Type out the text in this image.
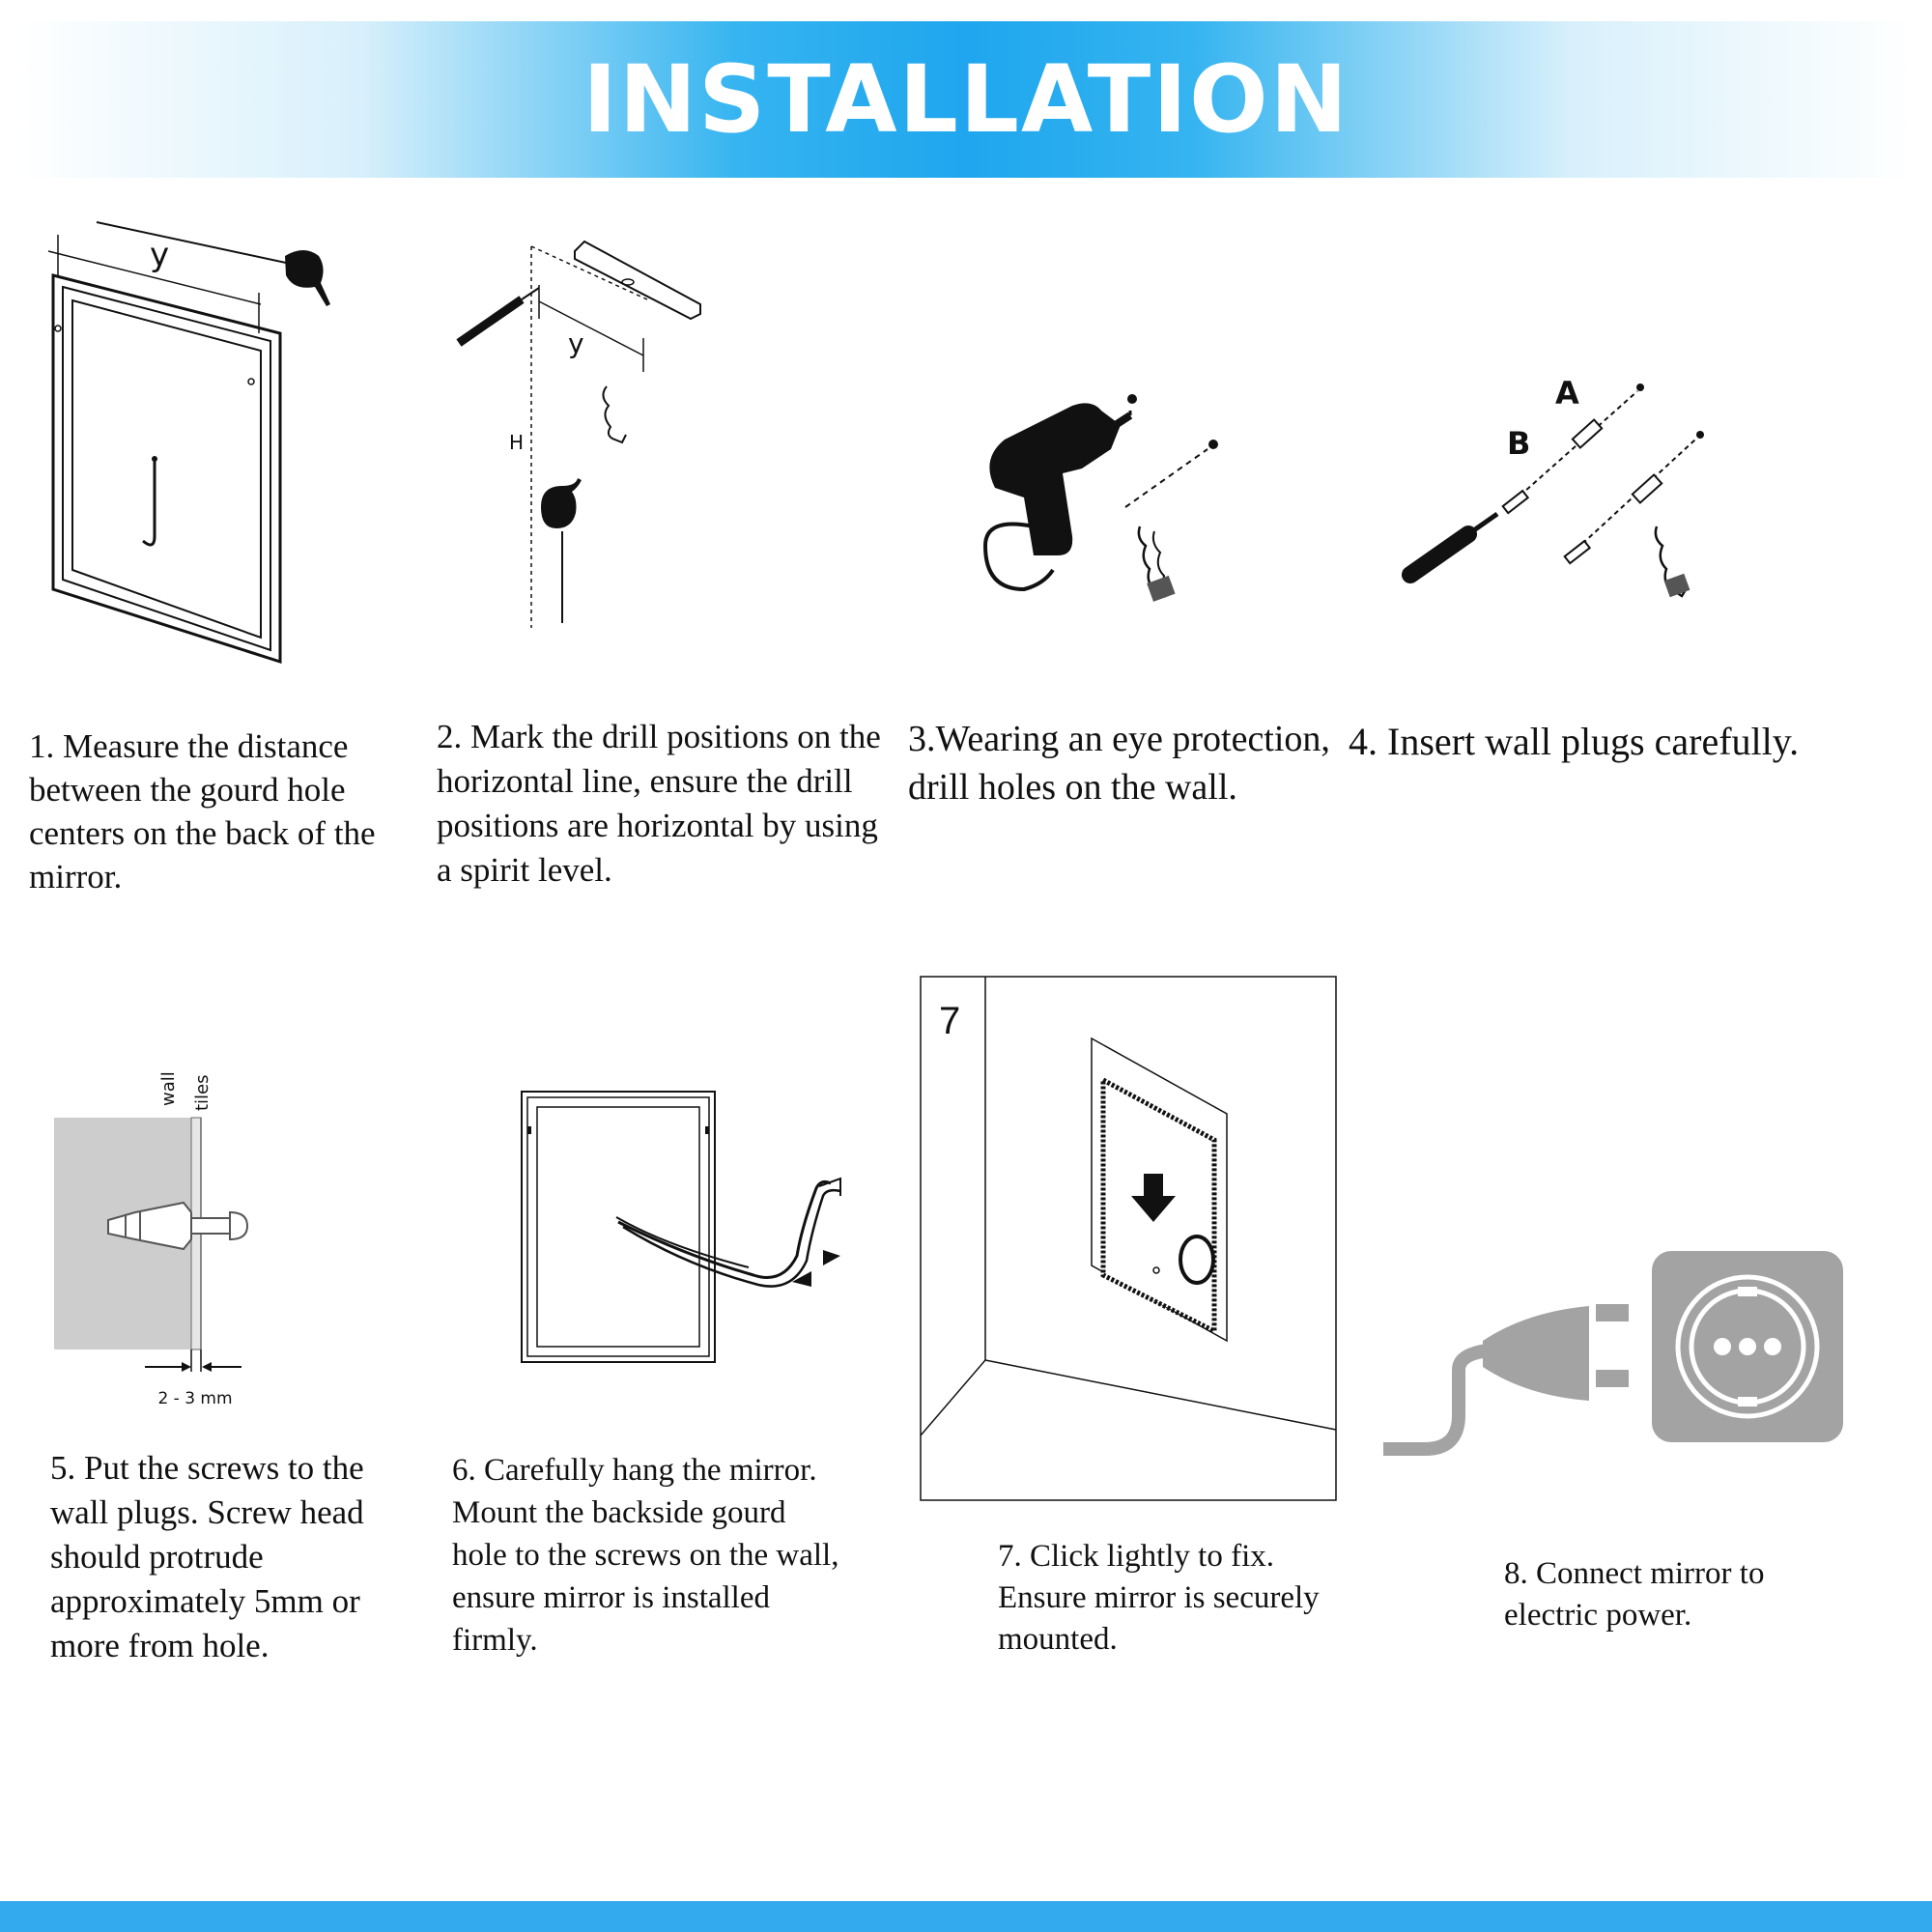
INSTALLATION
y
y
H
A
B

1. Measure the distance between the gourd hole centers on the back of the mirror.

2. Mark the drill positions on the horizontal line, ensure the drill positions are horizontal by using a spirit level.

3.Wearing an eye protection, drill holes on the wall.

4. Insert wall plugs carefully.

wall tiles
2 - 3 mm
7

5. Put the screws to the wall plugs. Screw head should protrude approximately 5mm or more from hole.

6. Carefully hang the mirror. Mount the backside gourd hole to the screws on the wall, ensure mirror is installed firmly.

7. Click lightly to fix. Ensure mirror is securely mounted.

8. Connect mirror to electric power.
